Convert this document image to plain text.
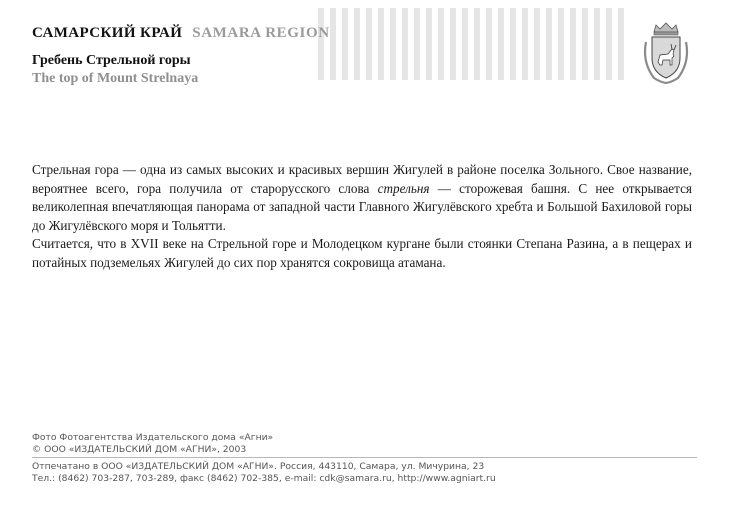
САМАРСКИЙ КРАЙ SAMARA REGION
Гребень Стрельной горы
The top of Mount Strelnaya

Стрельная гора — одна из самых высоких и красивых вершин Жигулей в районе поселка Зольного. Свое название, вероятнее всего, гора получила от старорусского слова стрельня — сторожевая башня. С нее открывается великолепная впечатляющая панорама от западной части Главного Жигулёвского хребта и Большой Бахиловой горы до Жигулёвского моря и Тольятти.

Считается, что в XVII веке на Стрельной горе и Молодецком кургане были стоянки Степана Разина, а в пещерах и потайных подземельях Жигулей до сих пор хранятся сокровища атамана.

Фото Фотоагентства Издательского дома «Агни»
© ООО «ИЗДАТЕЛЬСКИЙ ДОМ «АГНИ», 2003
Отпечатано в ООО «ИЗДАТЕЛЬСКИЙ ДОМ «АГНИ». Россия, 443110, Самара, ул. Мичурина, 23
Тел.: (8462) 703-287, 703-289, факс (8462) 702-385, e-mail: cdk@samara.ru, http://www.agniart.ru
